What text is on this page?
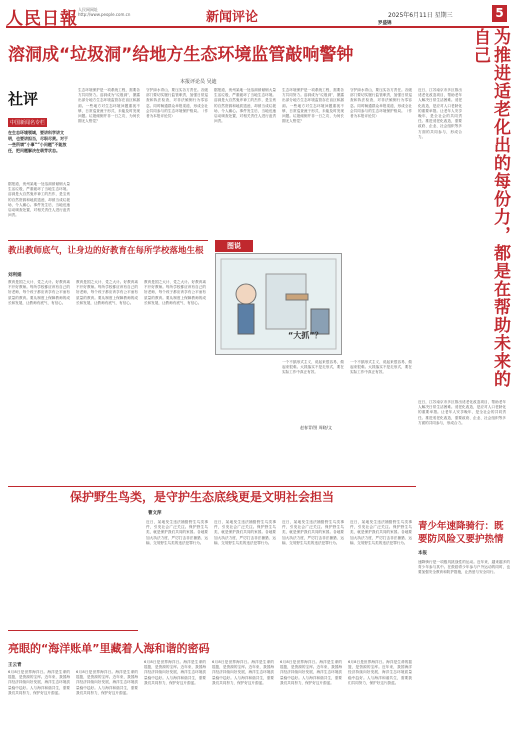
人民日報 人民网网址
http://www.people.com.cn	新闻评论	2025年6月11日 星期三	5
溶洞成“垃圾洞”给地方生态环境监管敲响警钟
本报评论员 吴迪
社评
中国新闻名专栏
在生态环境领域，要讲科学讲文明，也要讲担当，尽职尽责。对于一些所谓“小事““小问题”不能放任，把问题解决在萌芽状态。
据报道，贵州某地一处溶洞被倾倒大量生活垃圾，严重破坏了当地生态环境。溶洞是大自然鬼斧神工的杰作，是宝贵的自然资源和地质遗迹，却被当成垃圾场，令人痛心。事件发生后，当地迅速启动调查处置，对相关责任人进行追责问责。
生态环境保护是一项系统工程，需要各方共同努力。溶洞成为“垃圾洞”，暴露出部分地方生态环境监管存在盲区和漏洞。一些地方对生态环境问题重视不够，日常巡查流于形式，未能及时发现问题。垃圾倾倒并非一日之功，为何长期无人察觉？
守护绿水青山，要压实各方责任。各级部门要切实履行监管职责，加强日常巡查和执法检查，对非法倾倒行为零容忍。同时畅通群众举报渠道，形成全社会共同参与的生态环境保护格局。（作者为本报评论员）
据报道，贵州某地一处溶洞被倾倒大量生活垃圾，严重破坏了当地生态环境。溶洞是大自然鬼斧神工的杰作，是宝贵的自然资源和地质遗迹，却被当成垃圾场，令人痛心。事件发生后，当地迅速启动调查处置，对相关责任人进行追责问责。
生态环境保护是一项系统工程，需要各方共同努力。溶洞成为“垃圾洞”，暴露出部分地方生态环境监管存在盲区和漏洞。一些地方对生态环境问题重视不够，日常巡查流于形式，未能及时发现问题。垃圾倾倒并非一日之功，为何长期无人察觉？
守护绿水青山，要压实各方责任。各级部门要切实履行监管职责，加强日常巡查和执法检查，对非法倾倒行为零容忍。同时畅通群众举报渠道，形成全社会共同参与的生态环境保护格局。（作者为本报评论员）
罗盛锦
为推进适老化出的每份力，都是在帮助未来的自己
近日，江苏南京市多区推出适老化改造项目，帮助老年人解决日常生活困难。适老化改造，是应对人口老龄化的重要举措。让老年人安享晚年，是全社会的共同责任。推进适老化改造，需要政府、企业、社会组织等多方面的共同参与，形成合力。
近日，江苏南京市多区推出适老化改造项目，帮助老年人解决日常生活困难。适老化改造，是应对人口老龄化的重要举措。让老年人安享晚年，是全社会的共同责任。推进适老化改造，需要政府、企业、社会组织等多方面的共同参与，形成合力。
教出教师底气，让身边的好教育在每所学校落地生根
刘利娟
教育是国之大计、党之大计。好教育离不开好教师。每所学校都应该有自己的好老师，每个孩子都应该享有公平而有质量的教育。要从制度上保障教师的成长和发展，让教师有底气、有信心。
教育是国之大计、党之大计。好教育离不开好教师。每所学校都应该有自己的好老师，每个孩子都应该享有公平而有质量的教育。要从制度上保障教师的成长和发展，让教师有底气、有信心。
教育是国之大计、党之大计。好教育离不开好教师。每所学校都应该有自己的好老师，每个孩子都应该享有公平而有质量的教育。要从制度上保障教师的成长和发展，让教师有底气、有信心。
图说
“大抓”？
一个不搞形式主义，说起来很容易，做起来很难。大抓落实不是走形式，要在实际工作中真正有效。
一个不搞形式主义，说起来很容易，做起来很难。大抓落实不是走形式，要在实际工作中真正有效。
赵春青/图 周晓/文
保护野生鸟类，是守护生态底线更是文明社会担当
曹文萍
近日，某地发生违法捕猎野生鸟类事件，引发社会广泛关注。保护野生鸟类，就是保护我们共同的家园。各地要加大执法力度，严厉打击非法捕猎、运输、交易野生鸟类的违法犯罪行为。
近日，某地发生违法捕猎野生鸟类事件，引发社会广泛关注。保护野生鸟类，就是保护我们共同的家园。各地要加大执法力度，严厉打击非法捕猎、运输、交易野生鸟类的违法犯罪行为。
近日，某地发生违法捕猎野生鸟类事件，引发社会广泛关注。保护野生鸟类，就是保护我们共同的家园。各地要加大执法力度，严厉打击非法捕猎、运输、交易野生鸟类的违法犯罪行为。
近日，某地发生违法捕猎野生鸟类事件，引发社会广泛关注。保护野生鸟类，就是保护我们共同的家园。各地要加大执法力度，严厉打击非法捕猎、运输、交易野生鸟类的违法犯罪行为。
青少年速降骑行：既要防风险又要护热情
本报
速降骑行是一项极具挑战性的运动。近年来，越来越多的青少年参与其中。在鼓励青少年参与户外运动的同时，也要加强安全教育和防护措施，让热爱与安全同行。
亮眼的“海洋账单”里藏着人海和谐的密码
王云青
6月8日是世界海洋日。海洋是生命的摇篮，是资源的宝库。近年来，我国海洋经济持续向好发展，海洋生态环境质量稳中趋好。人与海洋和谐共生，需要我们共同努力，保护好这片蔚蓝。
6月8日是世界海洋日。海洋是生命的摇篮，是资源的宝库。近年来，我国海洋经济持续向好发展，海洋生态环境质量稳中趋好。人与海洋和谐共生，需要我们共同努力，保护好这片蔚蓝。
6月8日是世界海洋日。海洋是生命的摇篮，是资源的宝库。近年来，我国海洋经济持续向好发展，海洋生态环境质量稳中趋好。人与海洋和谐共生，需要我们共同努力，保护好这片蔚蓝。
6月8日是世界海洋日。海洋是生命的摇篮，是资源的宝库。近年来，我国海洋经济持续向好发展，海洋生态环境质量稳中趋好。人与海洋和谐共生，需要我们共同努力，保护好这片蔚蓝。
6月8日是世界海洋日。海洋是生命的摇篮，是资源的宝库。近年来，我国海洋经济持续向好发展，海洋生态环境质量稳中趋好。人与海洋和谐共生，需要我们共同努力，保护好这片蔚蓝。
6月8日是世界海洋日。海洋是生命的摇篮，是资源的宝库。近年来，我国海洋经济持续向好发展，海洋生态环境质量稳中趋好。人与海洋和谐共生，需要我们共同努力，保护好这片蔚蓝。
